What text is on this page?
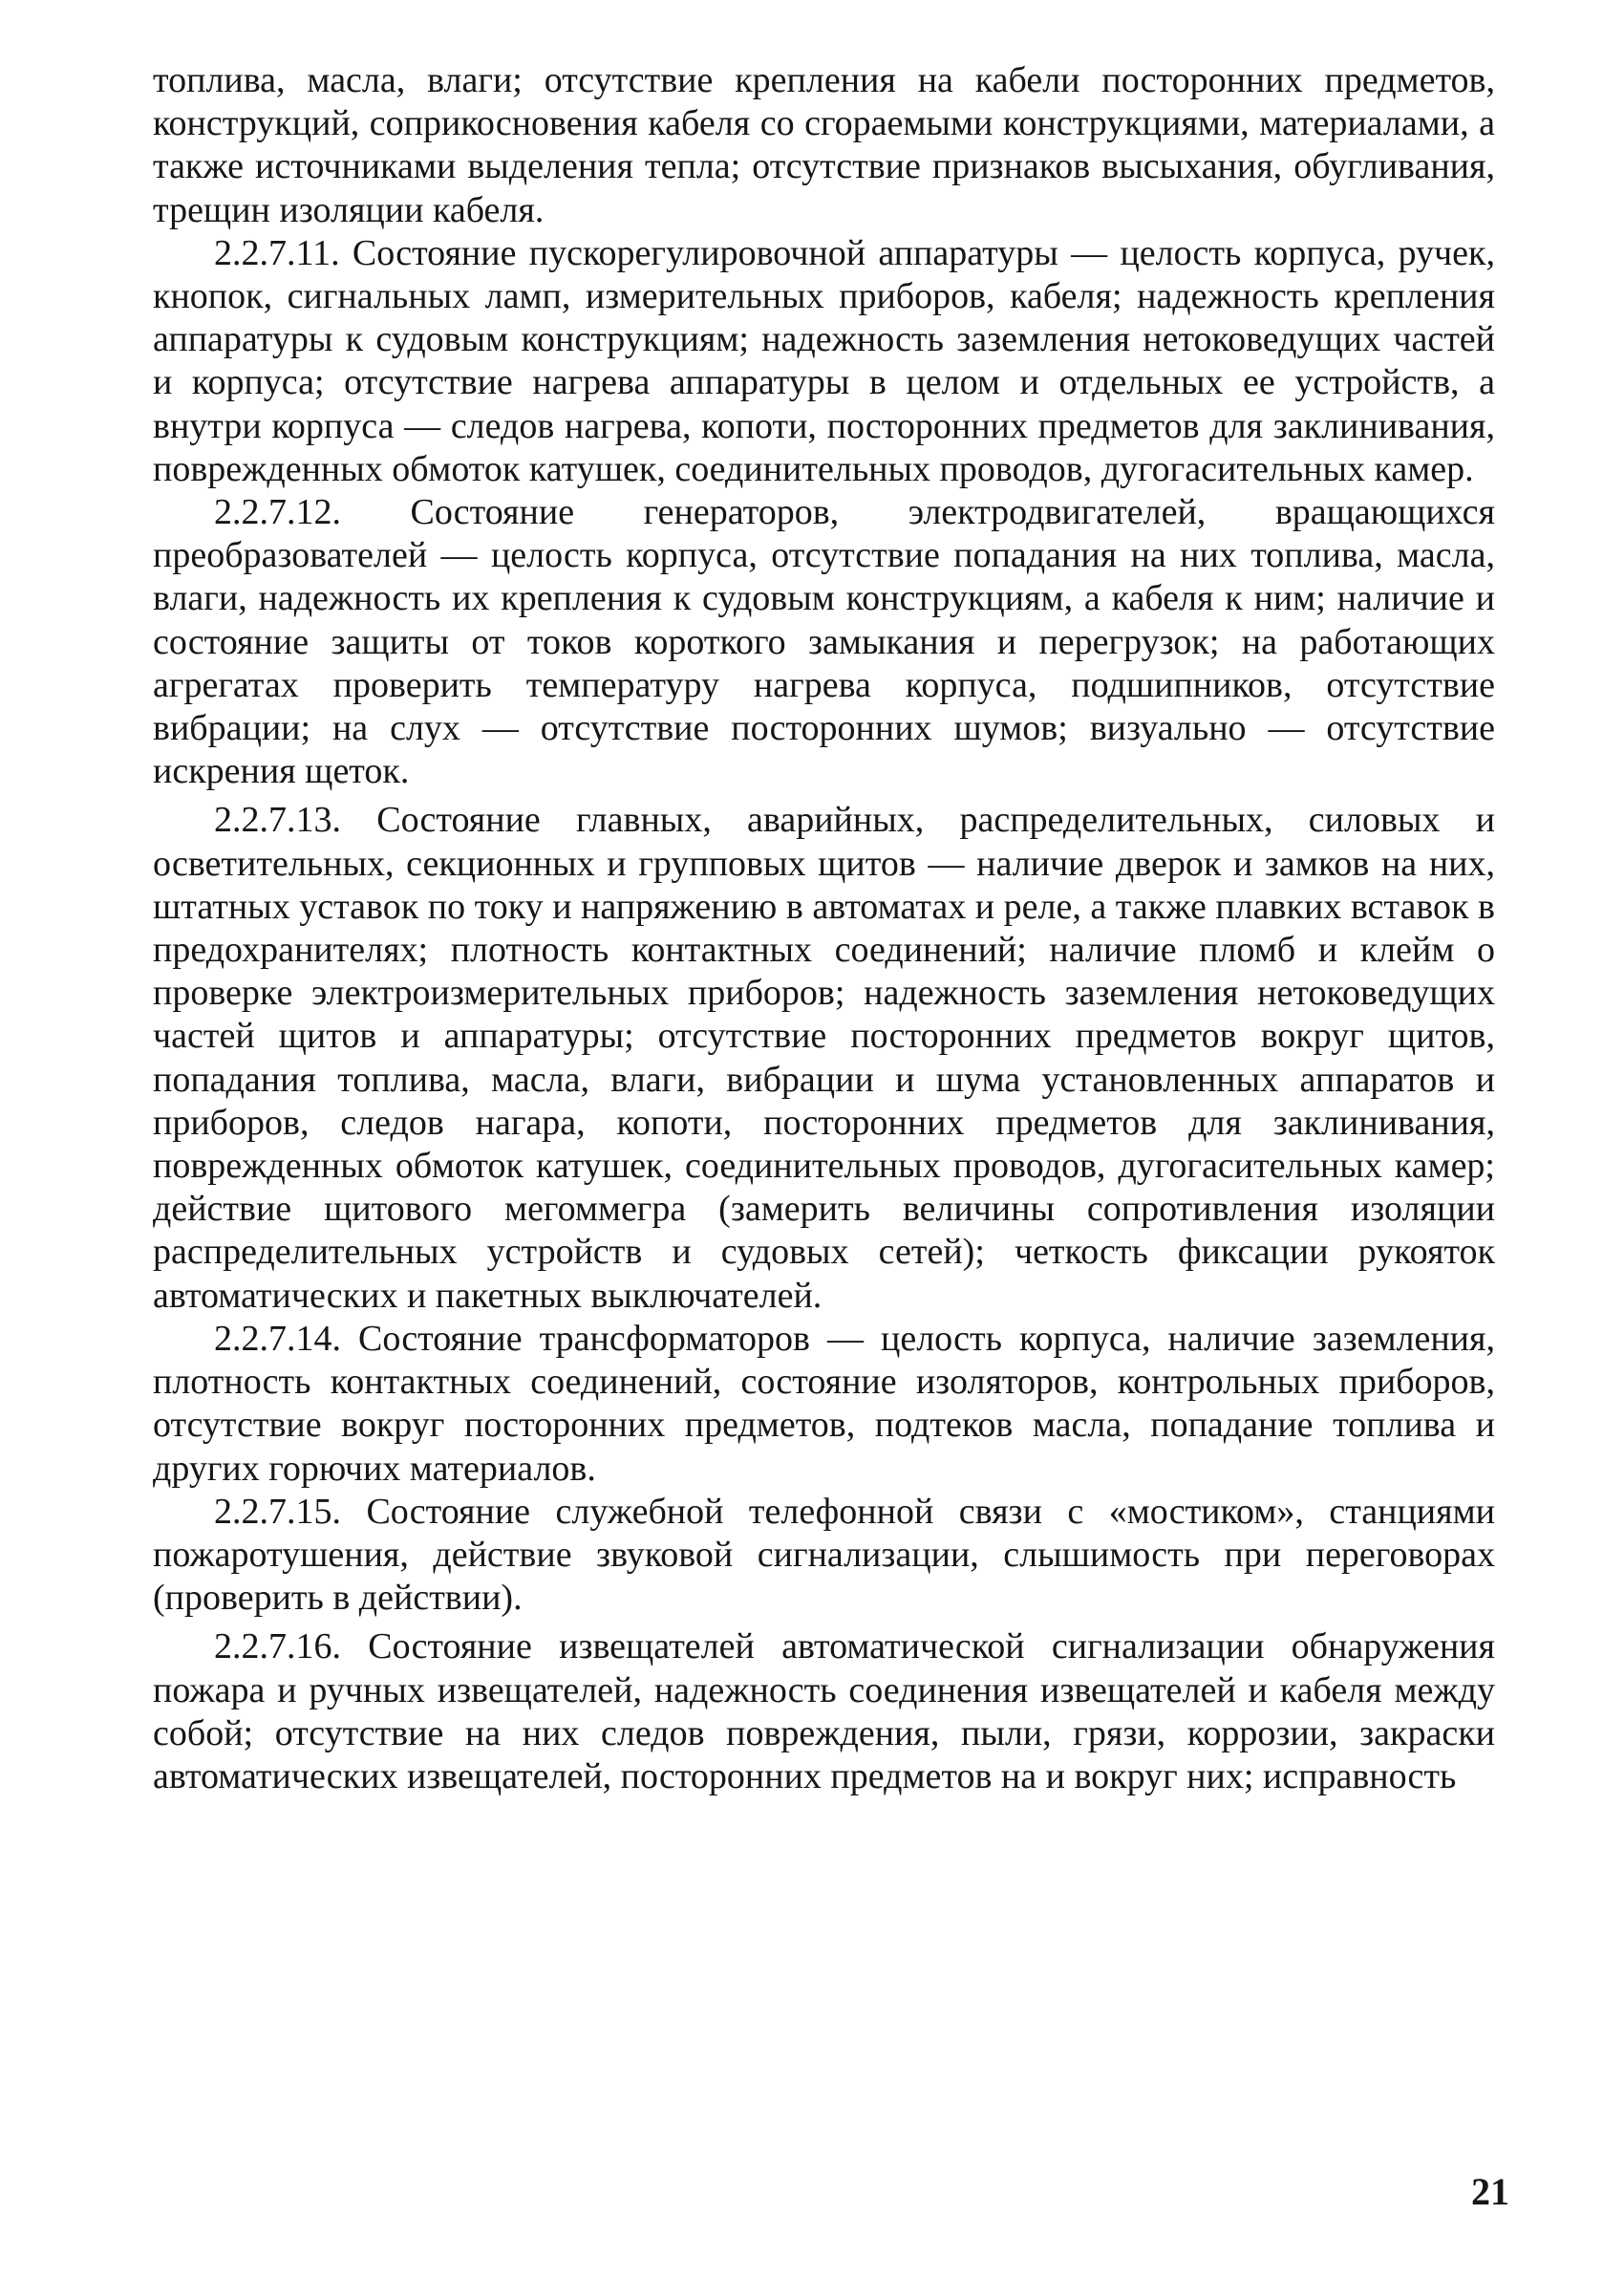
топлива, масла, влаги; отсутствие крепления на кабели посторонних предметов, конструкций, соприкосновения кабеля со сгораемыми конструкциями, материалами, а также источниками выделения тепла; отсутствие признаков высыхания, обугливания, трещин изоляции кабеля.

2.2.7.11. Состояние пускорегулировочной аппаратуры — целость корпуса, ручек, кнопок, сигнальных ламп, измерительных приборов, кабеля; надежность крепления аппаратуры к судовым конструкциям; надежность заземления нетоковедущих частей и корпуса; отсутствие нагрева аппаратуры в целом и отдельных ее устройств, а внутри корпуса — следов нагрева, копоти, посторонних предметов для заклинивания, поврежденных обмоток катушек, соединительных проводов, дугогасительных камер.

2.2.7.12. Состояние генераторов, электродвигателей, вращающихся преобразователей — целость корпуса, отсутствие попадания на них топлива, масла, влаги, надежность их крепления к судовым конструкциям, а кабеля к ним; наличие и состояние защиты от токов короткого замыкания и перегрузок; на работающих агрегатах проверить температуру нагрева корпуса, подшипников, отсутствие вибрации; на слух — отсутствие посторонних шумов; визуально — отсутствие искрения щеток.

2.2.7.13. Состояние главных, аварийных, распределительных, силовых и осветительных, секционных и групповых щитов — наличие дверок и замков на них, штатных уставок по току и напряжению в автоматах и реле, а также плавких вставок в предохранителях; плотность контактных соединений; наличие пломб и клейм о проверке электроизмерительных приборов; надежность заземления нетоковедущих частей щитов и аппаратуры; отсутствие посторонних предметов вокруг щитов, попадания топлива, масла, влаги, вибрации и шума установленных аппаратов и приборов, следов нагара, копоти, посторонних предметов для заклинивания, поврежденных обмоток катушек, соединительных проводов, дугогасительных камер; действие щитового мегоммегра (замерить величины сопротивления изоляции распределительных устройств и судовых сетей); четкость фиксации рукояток автоматических и пакетных выключателей.

2.2.7.14. Состояние трансформаторов — целость корпуса, наличие заземления, плотность контактных соединений, состояние изоляторов, контрольных приборов, отсутствие вокруг посторонних предметов, подтеков масла, попадание топлива и других горючих материалов.

2.2.7.15. Состояние служебной телефонной связи с «мостиком», станциями пожаротушения, действие звуковой сигнализации, слышимость при переговорах (проверить в действии).

2.2.7.16. Состояние извещателей автоматической сигнализации обнаружения пожара и ручных извещателей, надежность соединения извещателей и кабеля между собой; отсутствие на них следов повреждения, пыли, грязи, коррозии, закраски автоматических извещателей, посторонних предметов на и вокруг них; исправность

21
